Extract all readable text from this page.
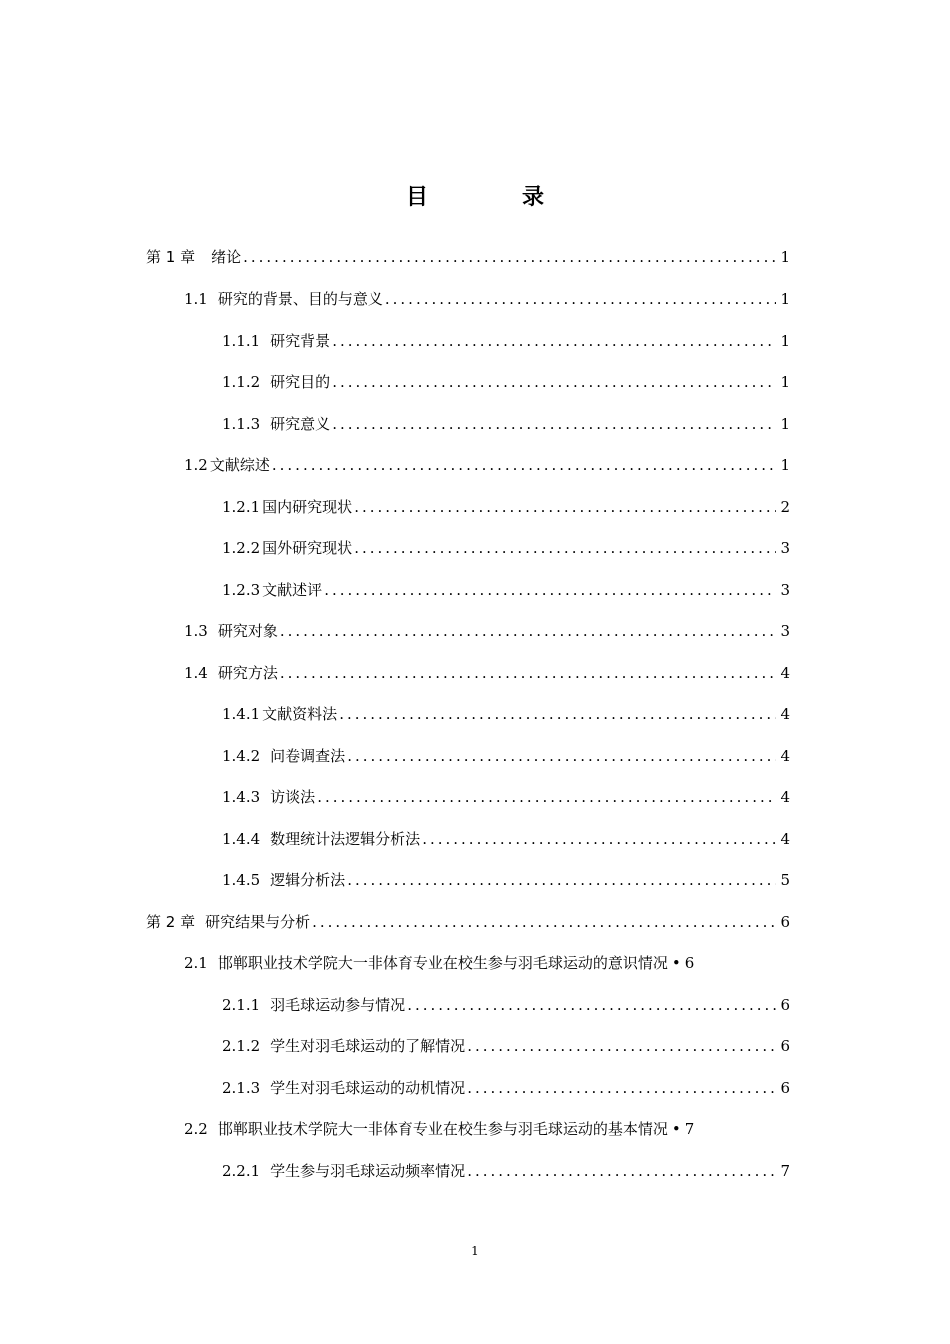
目　录
第 1 章 绪论 .....	1
1.1 研究的背景、目的与意义 .....	1
1.1.1 研究背景 .....	1
1.1.2 研究目的 .....	1
1.1.3 研究意义 .....	1
1.2 文献综述 .....	1
1.2.1 国内研究现状 .....	2
1.2.2 国外研究现状 .....	3
1.2.3 文献述评 .....	3
1.3 研究对象 .....	3
1.4 研究方法 .....	4
1.4.1 文献资料法 .....	4
1.4.2 问卷调查法 .....	4
1.4.3 访谈法 .....	4
1.4.4 数理统计法逻辑分析法 .....	4
1.4.5 逻辑分析法 .....	5
第 2 章 研究结果与分析 .....	6
2.1 邯郸职业技术学院大一非体育专业在校生参与羽毛球运动的意识情况 • 6
2.1.1 羽毛球运动参与情况 .....	6
2.1.2 学生对羽毛球运动的了解情况 .....	6
2.1.3 学生对羽毛球运动的动机情况 .....	6
2.2 邯郸职业技术学院大一非体育专业在校生参与羽毛球运动的基本情况 • 7
2.2.1 学生参与羽毛球运动频率情况 .....	7
1
